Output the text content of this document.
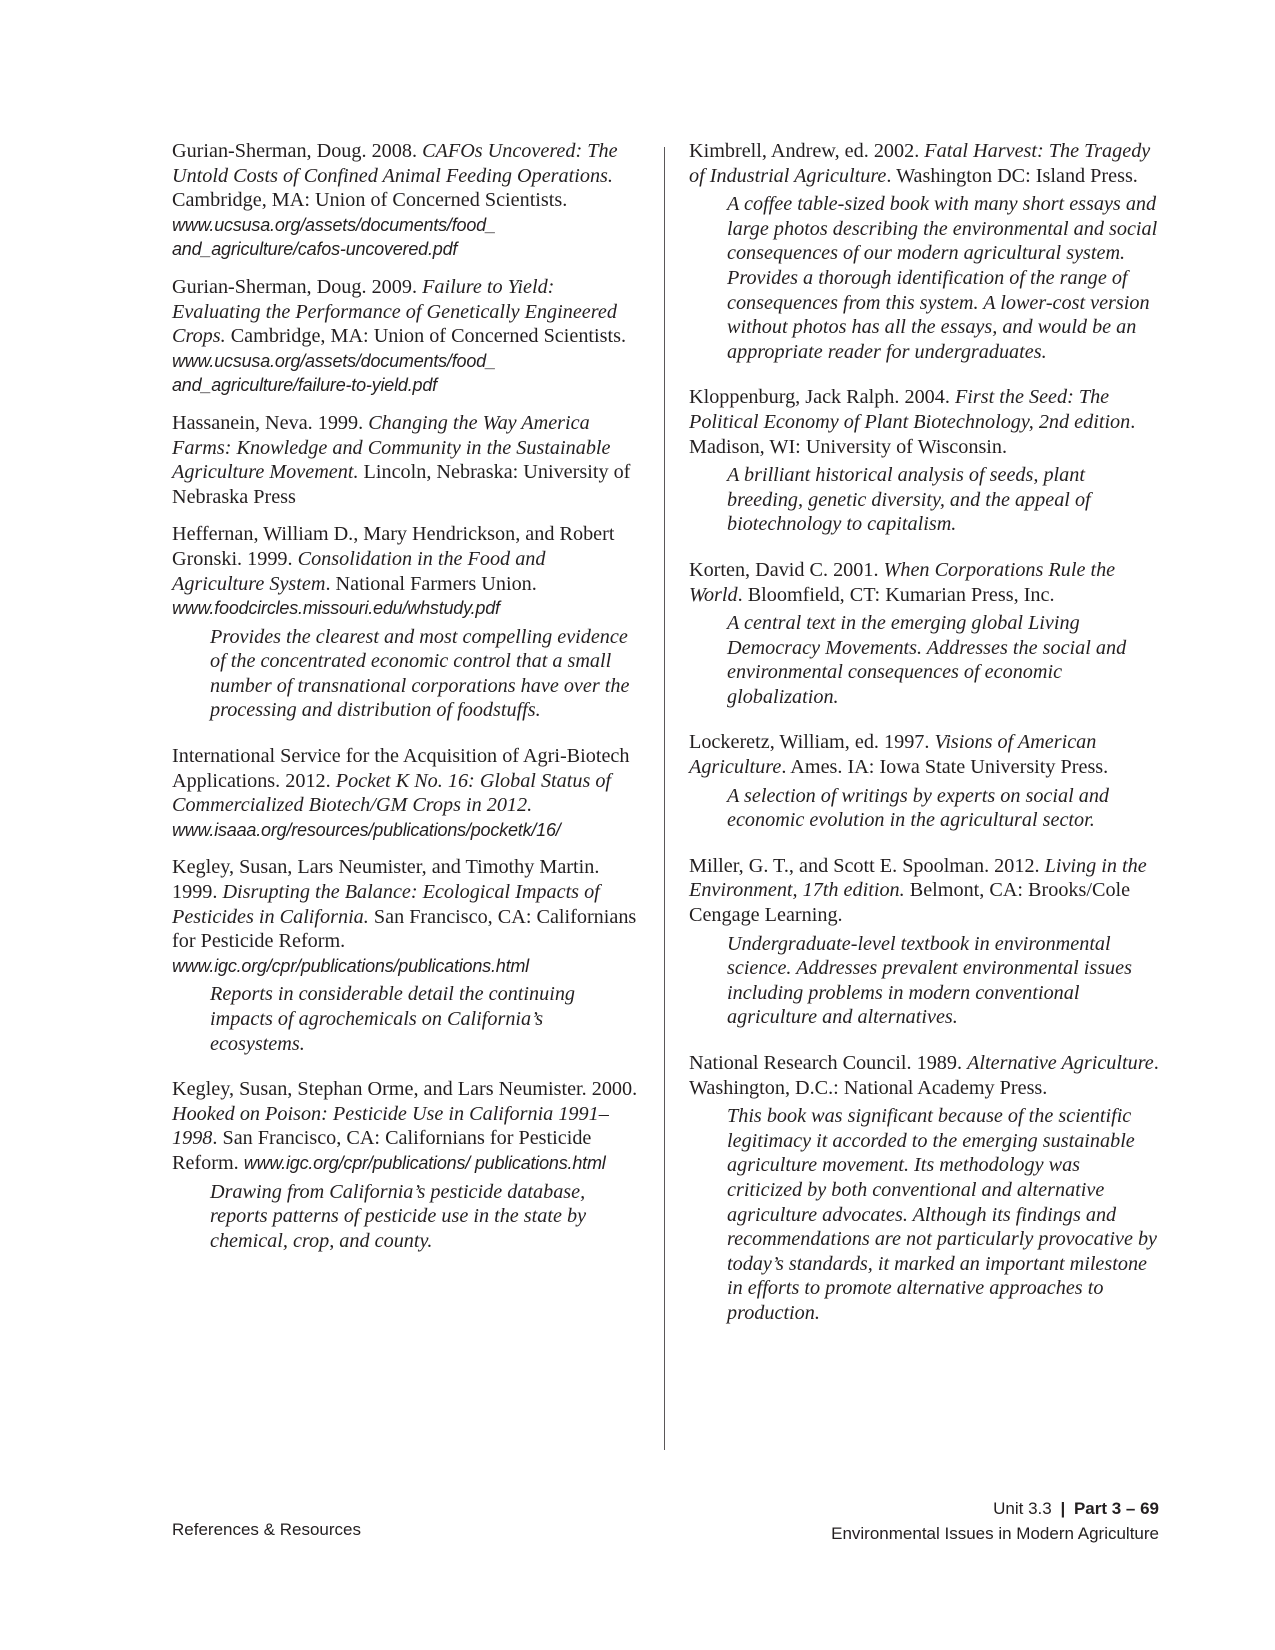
Gurian-Sherman, Doug. 2008. CAFOs Uncovered: The Untold Costs of Confined Animal Feeding Operations. Cambridge, MA: Union of Concerned Scientists. www.ucsusa.org/assets/documents/food_ and_agriculture/cafos-uncovered.pdf

Gurian-Sherman, Doug. 2009. Failure to Yield: Evaluating the Performance of Genetically Engineered Crops. Cambridge, MA: Union of Concerned Scientists. www.ucsusa.org/assets/documents/food_ and_agriculture/failure-to-yield.pdf

Hassanein, Neva. 1999. Changing the Way America Farms: Knowledge and Community in the Sustainable Agriculture Movement. Lincoln, Nebraska: University of Nebraska Press

Heffernan, William D., Mary Hendrickson, and Robert Gronski. 1999. Consolidation in the Food and Agriculture System. National Farmers Union. www.foodcircles.missouri.edu/whstudy.pdf

Provides the clearest and most compelling evidence of the concentrated economic control that a small number of transnational corporations have over the processing and distribution of foodstuffs.

International Service for the Acquisition of Agri-Biotech Applications. 2012. Pocket K No. 16: Global Status of Commercialized Biotech/GM Crops in 2012. www.isaaa.org/resources/publications/pocketk/16/

Kegley, Susan, Lars Neumister, and Timothy Martin. 1999. Disrupting the Balance: Ecological Impacts of Pesticides in California. San Francisco, CA: Californians for Pesticide Reform. www.igc.org/cpr/publications/publications.html

Reports in considerable detail the continuing impacts of agrochemicals on California’s ecosystems.

Kegley, Susan, Stephan Orme, and Lars Neumister. 2000. Hooked on Poison: Pesticide Use in California 1991–1998. San Francisco, CA: Californians for Pesticide Reform. www.igc.org/cpr/publications/ publications.html

Drawing from California’s pesticide database, reports patterns of pesticide use in the state by chemical, crop, and county.

Kimbrell, Andrew, ed. 2002. Fatal Harvest: The Tragedy of Industrial Agriculture. Washington DC: Island Press.

A coffee table-sized book with many short essays and large photos describing the environmental and social consequences of our modern agricultural system. Provides a thorough identification of the range of consequences from this system. A lower-cost version without photos has all the essays, and would be an appropriate reader for undergraduates.

Kloppenburg, Jack Ralph. 2004. First the Seed: The Political Economy of Plant Biotechnology, 2nd edition. Madison, WI: University of Wisconsin.

A brilliant historical analysis of seeds, plant breeding, genetic diversity, and the appeal of biotechnology to capitalism.

Korten, David C. 2001. When Corporations Rule the World. Bloomfield, CT: Kumarian Press, Inc.

A central text in the emerging global Living Democracy Movements. Addresses the social and environmental consequences of economic globalization.

Lockeretz, William, ed. 1997. Visions of American Agriculture. Ames. IA: Iowa State University Press.

A selection of writings by experts on social and economic evolution in the agricultural sector.

Miller, G. T., and Scott E. Spoolman. 2012. Living in the Environment, 17th edition. Belmont, CA: Brooks/Cole Cengage Learning.

Undergraduate-level textbook in environmental science. Addresses prevalent environmental issues including problems in modern conventional agriculture and alternatives.

National Research Council. 1989. Alternative Agriculture. Washington, D.C.: National Academy Press.

This book was significant because of the scientific legitimacy it accorded to the emerging sustainable agriculture movement. Its methodology was criticized by both conventional and alternative agriculture advocates. Although its findings and recommendations are not particularly provocative by today’s standards, it marked an important milestone in efforts to promote alternative approaches to production.

References & Resources
Unit 3.3 | Part 3 – 69
Environmental Issues in Modern Agriculture
